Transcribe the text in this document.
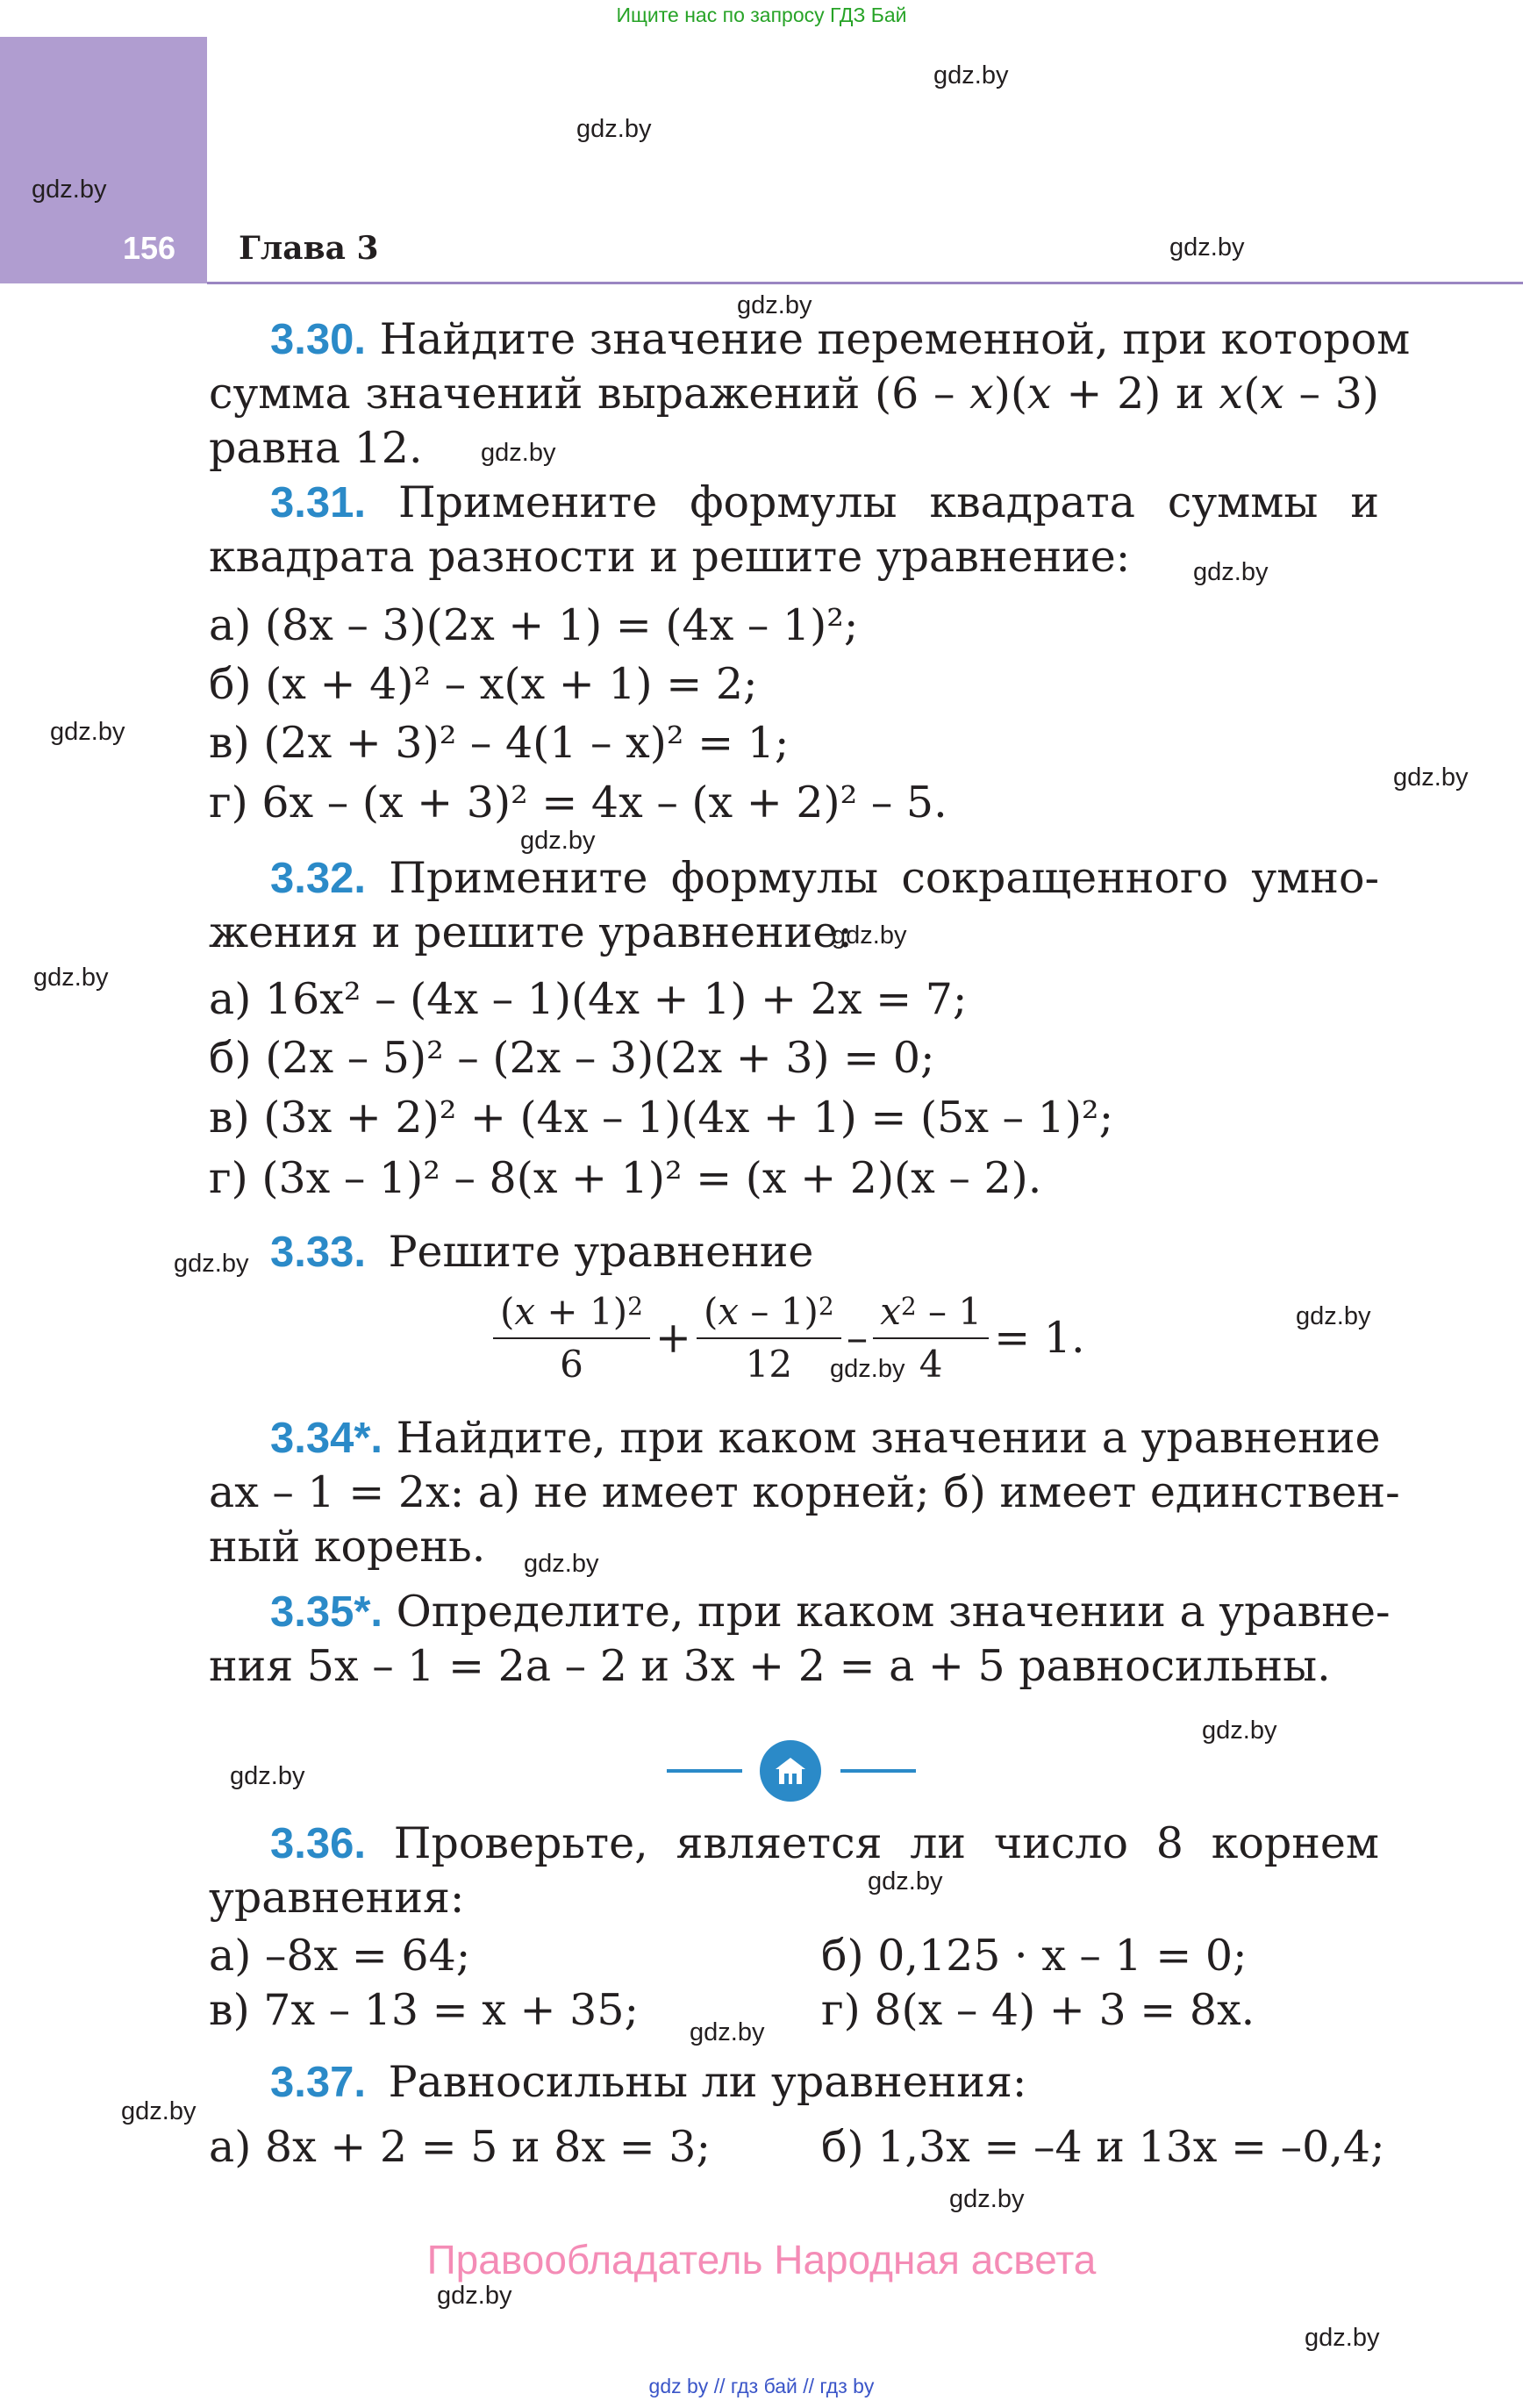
Ищите нас по запросу ГДЗ Бай
156 Глава 3
gdz.by
gdz.by
gdz.by
gdz.by
gdz.by
gdz.by
gdz.by
gdz.by
gdz.by
gdz.by
gdz.by
gdz.by
gdz.by
gdz.by
gdz.by
gdz.by
gdz.by
gdz.by
gdz.by
gdz.by
gdz.by
gdz.by
gdz.by
gdz.by
3.30. Найдите значение переменной, при котором
сумма значений выражений (6 – x)(x + 2) и x(x – 3)
равна 12.
3.31. Примените формулы квадрата суммы и
квадрата разности и решите уравнение:
а) (8x – 3)(2x + 1) = (4x – 1)²;
б) (x + 4)² – x(x + 1) = 2;
в) (2x + 3)² – 4(1 – x)² = 1;
г) 6x – (x + 3)² = 4x – (x + 2)² – 5.
3.32. Примените формулы сокращенного умно-
жения и решите уравнение:
а) 16x² – (4x – 1)(4x + 1) + 2x = 7;
б) (2x – 5)² – (2x – 3)(2x + 3) = 0;
в) (3x + 2)² + (4x – 1)(4x + 1) = (5x – 1)²;
г) (3x – 1)² – 8(x + 1)² = (x + 2)(x – 2).
3.33. Решите уравнение
$\frac{(x + 1)^2}{6} + \frac{(x - 1)^2}{12} - \frac{x^2 - 1}{4} = 1$.
3.34*. Найдите, при каком значении a уравнение
ax – 1 = 2x: а) не имеет корней; б) имеет единствен-
ный корень.
3.35*. Определите, при каком значении a уравне-
ния 5x – 1 = 2a – 2 и 3x + 2 = a + 5 равносильны.
3.36. Проверьте, является ли число 8 корнем
уравнения:
а) –8x = 64;	б) 0,125 · x – 1 = 0;
в) 7x – 13 = x + 35;	г) 8(x – 4) + 3 = 8x.
3.37. Равносильны ли уравнения:
а) 8x + 2 = 5 и 8x = 3;	б) 1,3x = –4 и 13x = –0,4;
Правообладатель Народная асвета
gdz by // гдз бай // гдз by
